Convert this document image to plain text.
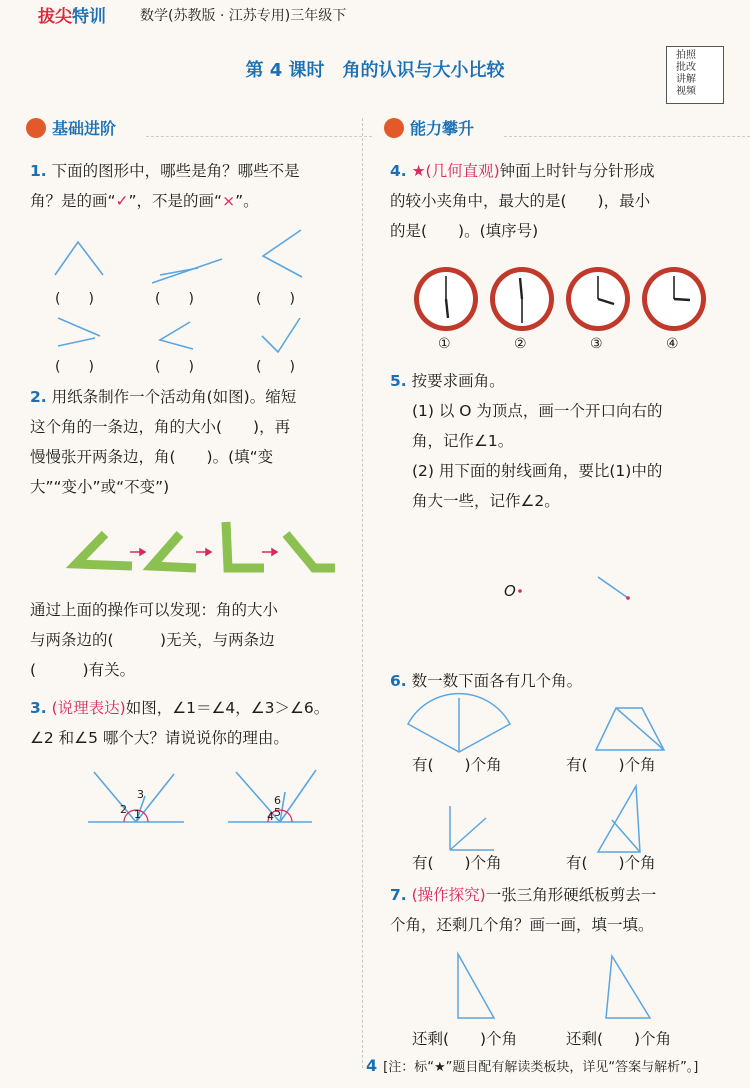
拔尖特训 数学(苏教版 · 江苏专用)三年级下
第 4 课时　角的认识与大小比较
拍照
批改
讲解
视频
基础进阶	能力攀升
1. 下面的图形中，哪些是角？哪些不是
角？是的画“✓”，不是的画“×”。
(　　)	(　　)	(　　)
(　　)	(　　)	(　　)
2. 用纸条制作一个活动角(如图)。缩短
这个角的一条边，角的大小(　　)，再
慢慢张开两条边，角(　　)。(填“变
大”“变小”或“不变”)
通过上面的操作可以发现：角的大小
与两条边的(　　　)无关，与两条边
(　　　)有关。
3. (说理表达)如图，∠1＝∠4，∠3＞∠6。
∠2 和∠5 哪个大？请说说你的理由。
3
2 1
6
5
4
4. ★(几何直观)钟面上时针与分针形成
的较小夹角中，最大的是(　　)，最小
的是(　　)。(填序号)
①	②	③	④
5. 按要求画角。
(1) 以 O 为顶点，画一个开口向右的
角，记作∠1。
(2) 用下面的射线画角，要比(1)中的
角大一些，记作∠2。
O
6. 数一数下面各有几个角。
有(　　)个角	有(　　)个角
有(　　)个角	有(　　)个角
7. (操作探究)一张三角形硬纸板剪去一
个角，还剩几个角？画一画，填一填。
还剩(　　)个角	还剩(　　)个角
4 [注：标“★”题目配有解读类板块，详见“答案与解析”。]
